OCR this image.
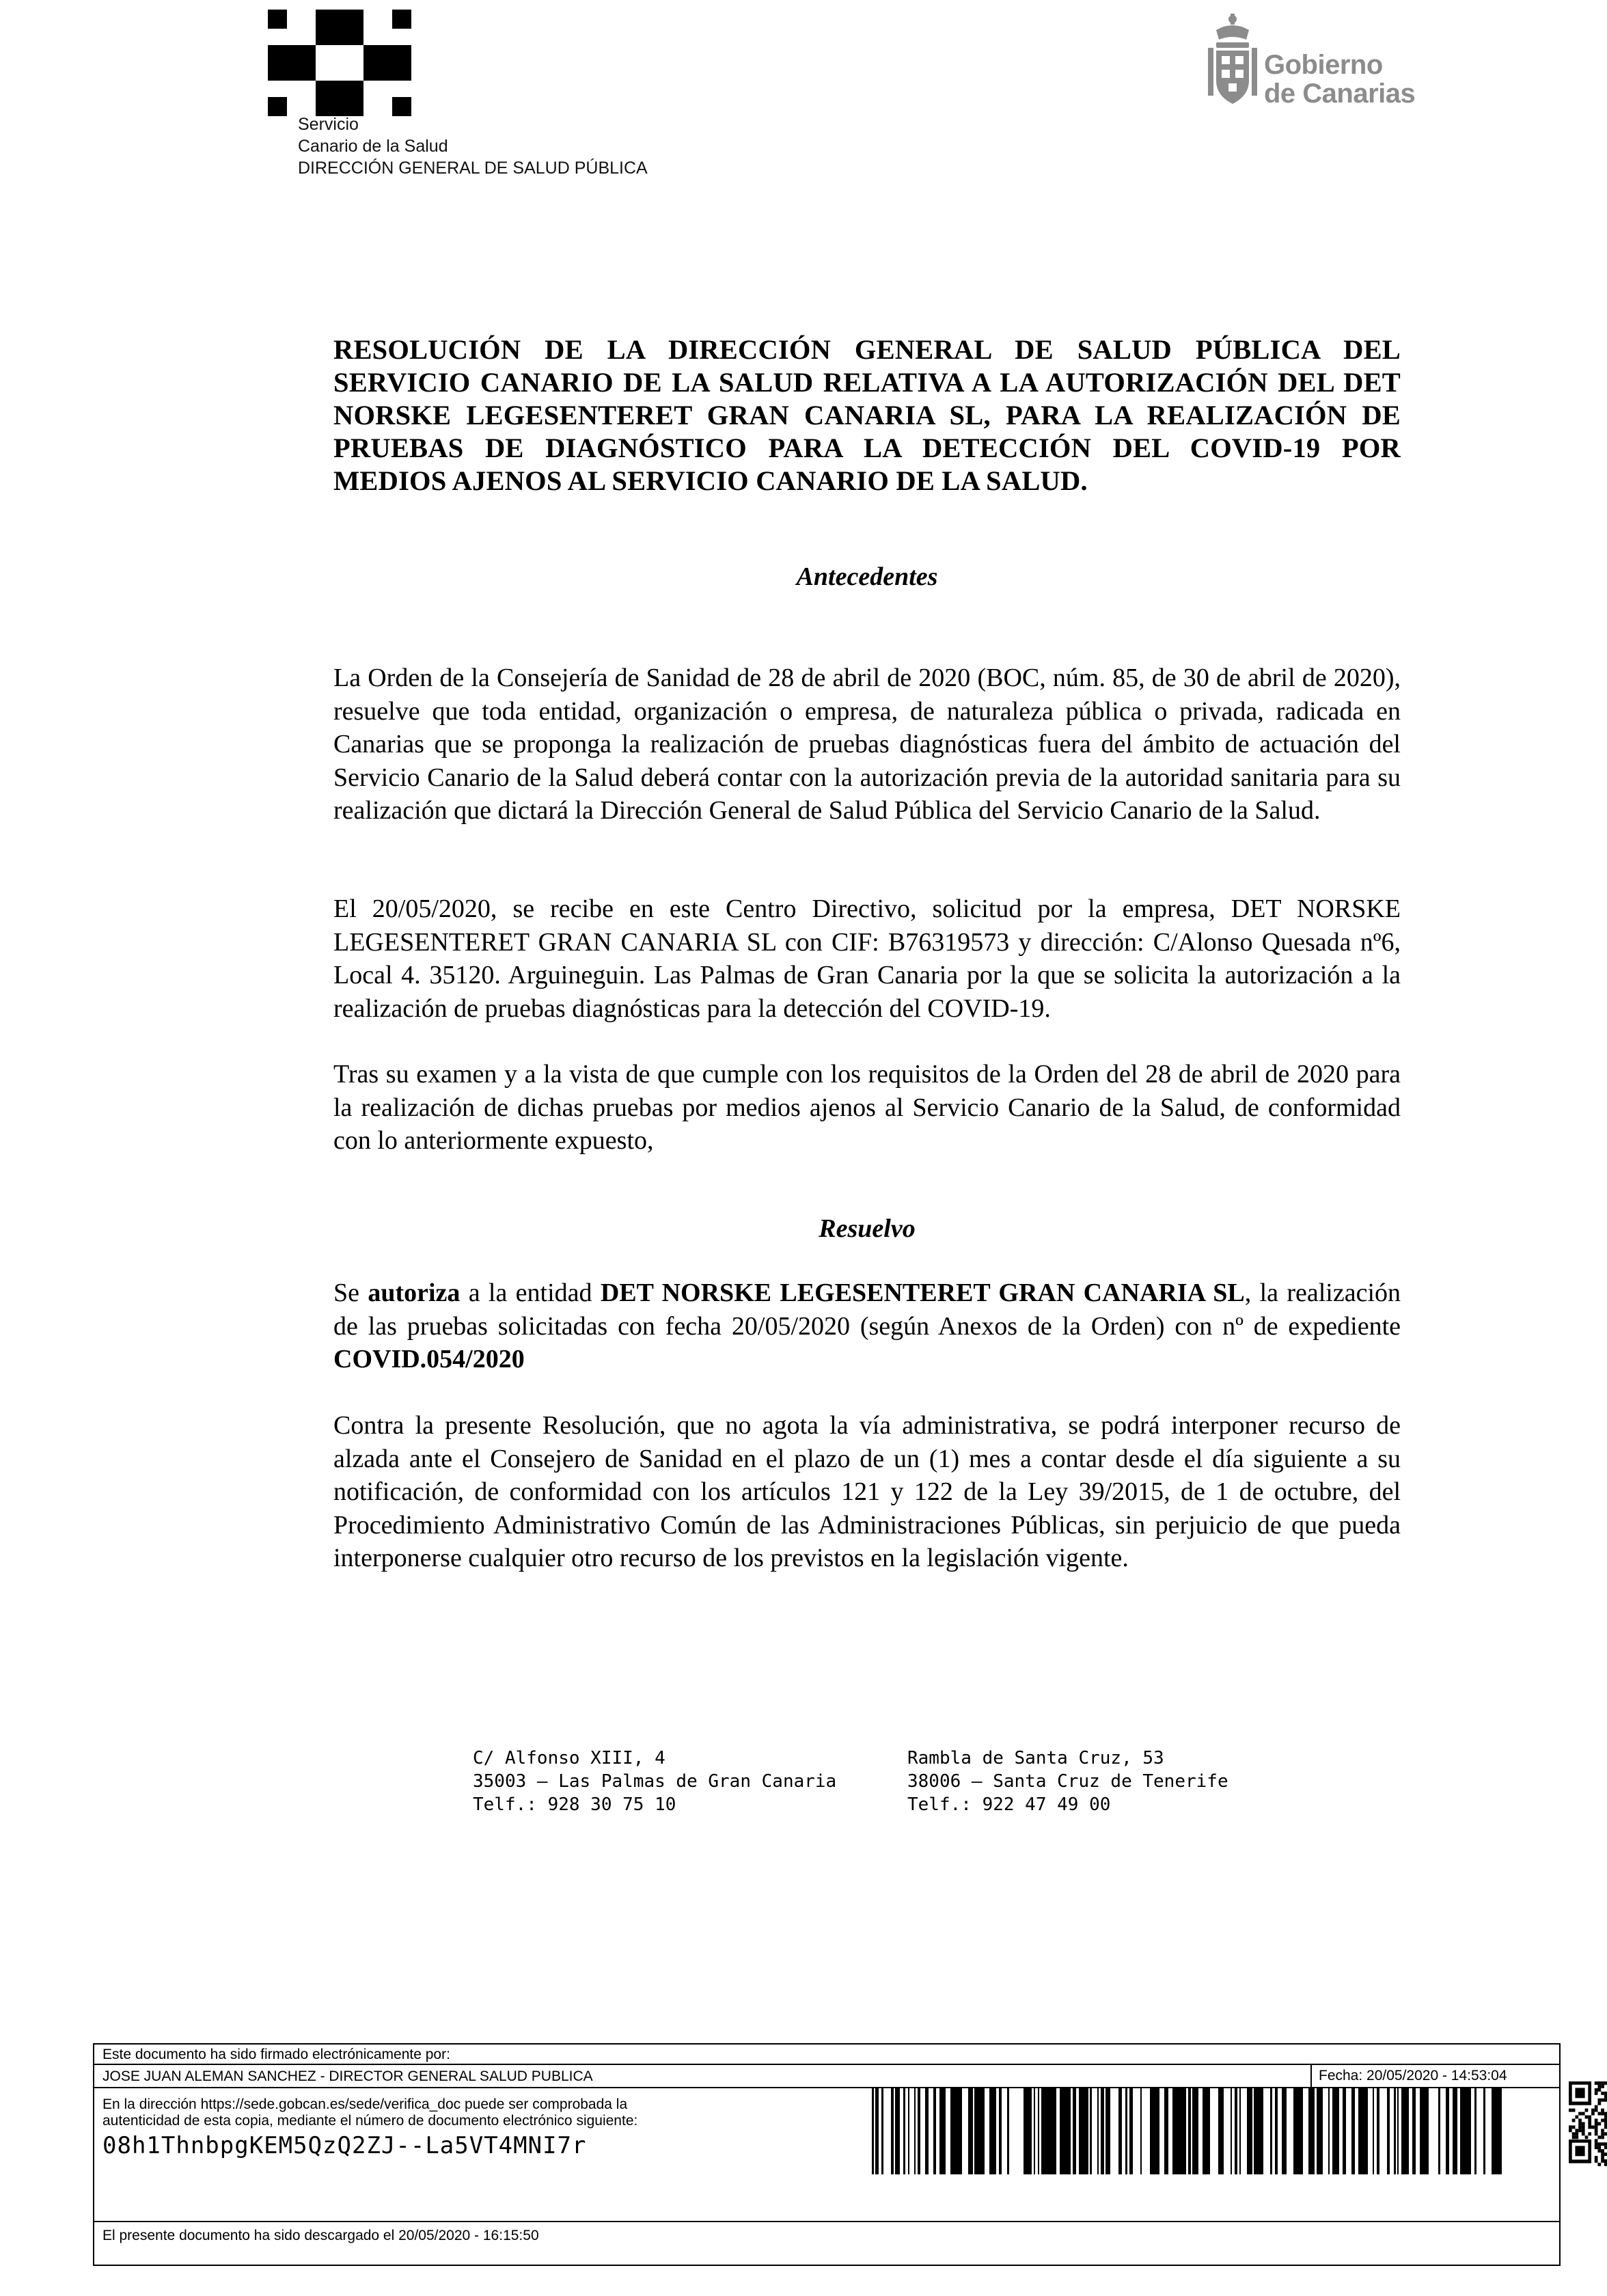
Servicio
Canario de la Salud
DIRECCIÓN GENERAL DE SALUD PÚBLICA
Gobierno
de Canarias
RESOLUCIÓN DE LA DIRECCIÓN GENERAL DE SALUD PÚBLICA DEL SERVICIO CANARIO DE LA SALUD RELATIVA A LA AUTORIZACIÓN DEL DET NORSKE LEGESENTERET GRAN CANARIA SL, PARA LA REALIZACIÓN DE PRUEBAS DE DIAGNÓSTICO PARA LA DETECCIÓN DEL COVID-19 POR MEDIOS AJENOS AL SERVICIO CANARIO DE LA SALUD.
Antecedentes
La Orden de la Consejería de Sanidad de 28 de abril de 2020 (BOC, núm. 85, de 30 de abril de 2020), resuelve que toda entidad, organización o empresa, de naturaleza pública o privada, radicada en Canarias que se proponga la realización de pruebas diagnósticas fuera del ámbito de actuación del Servicio Canario de la Salud deberá contar con la autorización previa de la autoridad sanitaria para su realización que dictará la Dirección General de Salud Pública del Servicio Canario de la Salud.
El 20/05/2020, se recibe en este Centro Directivo, solicitud por la empresa, DET NORSKE LEGESENTERET GRAN CANARIA SL con CIF: B76319573 y dirección: C/Alonso Quesada nº6, Local 4. 35120. Arguineguin. Las Palmas de Gran Canaria por la que se solicita la autorización a la realización de pruebas diagnósticas para la detección del COVID-19.
Tras su examen y a la vista de que cumple con los requisitos de la Orden del 28 de abril de 2020 para la realización de dichas pruebas por medios ajenos al Servicio Canario de la Salud, de conformidad con lo anteriormente expuesto,
Resuelvo
Se autoriza a la entidad DET NORSKE LEGESENTERET GRAN CANARIA SL, la realización de las pruebas solicitadas con fecha 20/05/2020 (según Anexos de la Orden) con nº de expediente COVID.054/2020
Contra la presente Resolución, que no agota la vía administrativa, se podrá interponer recurso de alzada ante el Consejero de Sanidad en el plazo de un (1) mes a contar desde el día siguiente a su notificación, de conformidad con los artículos 121 y 122 de la Ley 39/2015, de 1 de octubre, del Procedimiento Administrativo Común de las Administraciones Públicas, sin perjuicio de que pueda interponerse cualquier otro recurso de los previstos en la legislación vigente.
C/ Alfonso XIII, 4
35003 – Las Palmas de Gran Canaria
Telf.: 928 30 75 10
Rambla de Santa Cruz, 53
38006 – Santa Cruz de Tenerife
Telf.: 922 47 49 00
Este documento ha sido firmado electrónicamente por:
JOSE JUAN ALEMAN SANCHEZ - DIRECTOR GENERAL SALUD PUBLICA	Fecha: 20/05/2020 - 14:53:04
En la dirección https://sede.gobcan.es/sede/verifica_doc puede ser comprobada la
autenticidad de esta copia, mediante el número de documento electrónico siguiente:
08h1ThnbpgKEM5QzQ2ZJ--La5VT4MNI7r
El presente documento ha sido descargado el 20/05/2020 - 16:15:50
